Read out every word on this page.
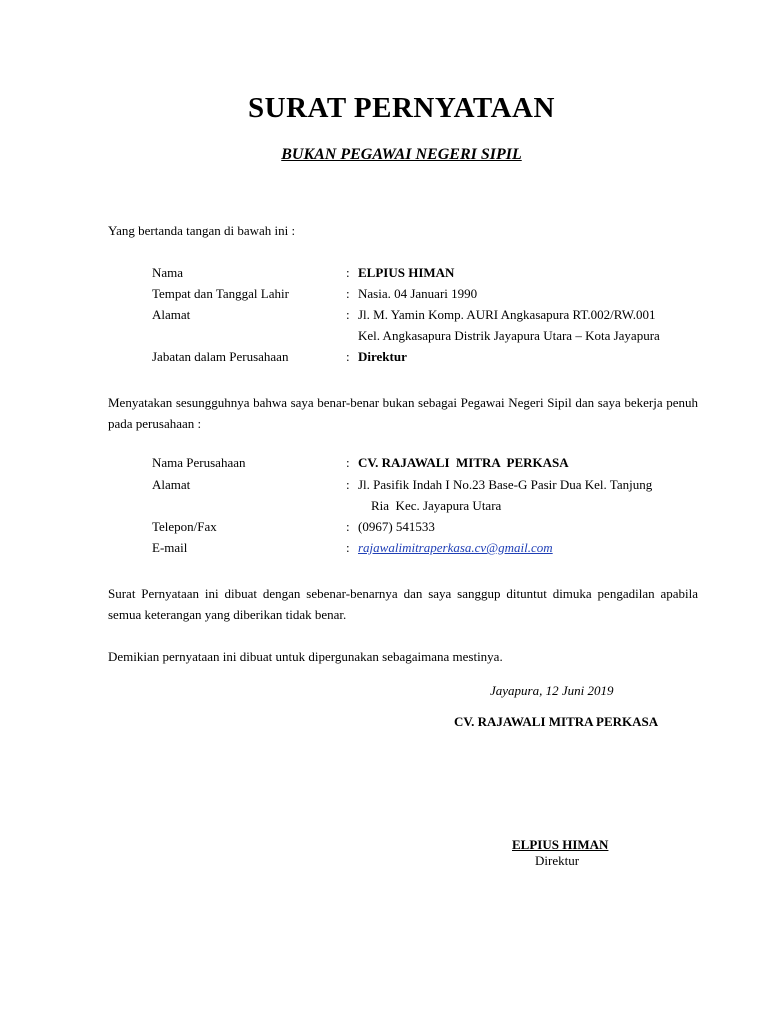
SURAT PERNYATAAN
BUKAN PEGAWAI NEGERI SIPIL
Yang bertanda tangan di bawah ini :
Nama	: ELPIUS HIMAN
Tempat dan Tanggal Lahir	: Nasia. 04 Januari 1990
Alamat	: Jl. M. Yamin Komp. AURI Angkasapura RT.002/RW.001
Kel. Angkasapura Distrik Jayapura Utara – Kota Jayapura
Jabatan dalam Perusahaan	: Direktur
Menyatakan sesungguhnya bahwa saya benar-benar bukan sebagai Pegawai Negeri Sipil dan saya bekerja penuh pada perusahaan :
Nama Perusahaan	: CV. RAJAWALI  MITRA  PERKASA
Alamat	: Jl. Pasifik Indah I No.23 Base-G Pasir Dua Kel. Tanjung
Ria  Kec. Jayapura Utara
Telepon/Fax	: (0967) 541533
E-mail	: rajawalimitraperkasa.cv@gmail.com
Surat Pernyataan ini dibuat dengan sebenar-benarnya dan saya sanggup dituntut dimuka pengadilan apabila semua keterangan yang diberikan tidak benar.
Demikian pernyataan ini dibuat untuk dipergunakan sebagaimana mestinya.
Jayapura, 12 Juni 2019
CV. RAJAWALI MITRA PERKASA
ELPIUS HIMAN
Direktur
